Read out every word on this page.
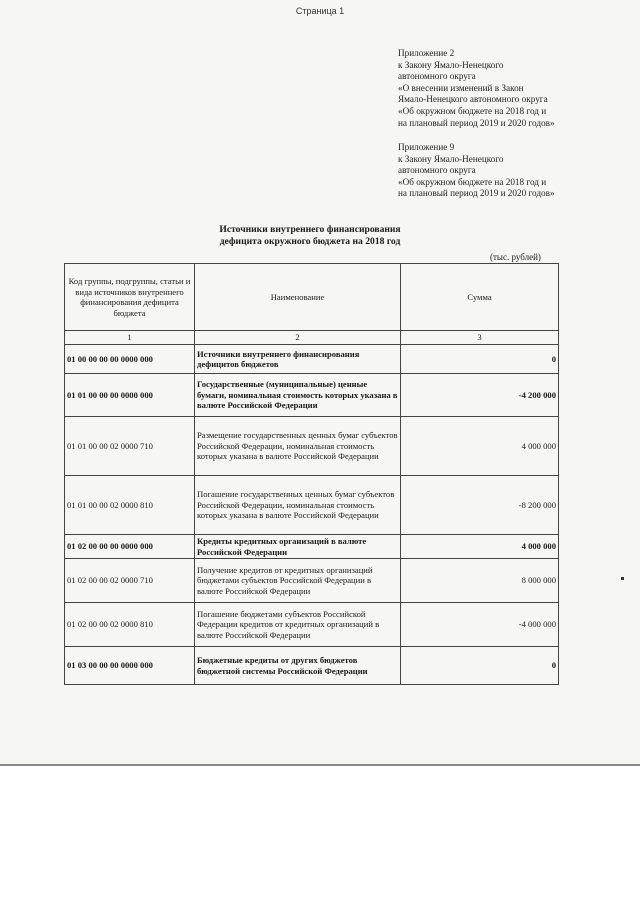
Страница 1
Приложение 2
к Закону Ямало-Ненецкого
автономного округа
«О внесении изменений в Закон
Ямало-Ненецкого автономного округа
«Об окружном бюджете на 2018 год и
на плановый период 2019 и 2020 годов»
Приложение 9
к Закону Ямало-Ненецкого
автономного округа
«Об окружном бюджете на 2018 год и
на плановый период 2019 и 2020 годов»
Источники внутреннего финансирования
дефицита окружного бюджета на 2018 год
(тыс. рублей)
Код группы, подгруппы, статьи и вида источников внутреннего финансирования дефицита бюджета	Наименование	Сумма
1	2	3
01 00 00 00 00 0000 000	Источники внутреннего финансирования дефицитов бюджетов	0
01 01 00 00 00 0000 000	Государственные (муниципальные) ценные бумаги, номинальная стоимость которых указана в валюте Российской Федерации	-4 200 000
01 01 00 00 02 0000 710	Размещение государственных ценных бумаг субъектов Российской Федерации, номинальная стоимость которых указана в валюте Российской Федерации	4 000 000
01 01 00 00 02 0000 810	Погашение государственных ценных бумаг субъектов Российской Федерации, номинальная стоимость которых указана в валюте Российской Федерации	-8 200 000
01 02 00 00 00 0000 000	Кредиты кредитных организаций в валюте Российской Федерации	4 000 000
01 02 00 00 02 0000 710	Получение кредитов от кредитных организаций бюджетами субъектов Российской Федерации в валюте Российской Федерации	8 000 000
01 02 00 00 02 0000 810	Погашение бюджетами субъектов Российской Федерации кредитов от кредитных организаций в валюте Российской Федерации	-4 000 000
01 03 00 00 00 0000 000	Бюджетные кредиты от других бюджетов бюджетной системы Российской Федерации	0
